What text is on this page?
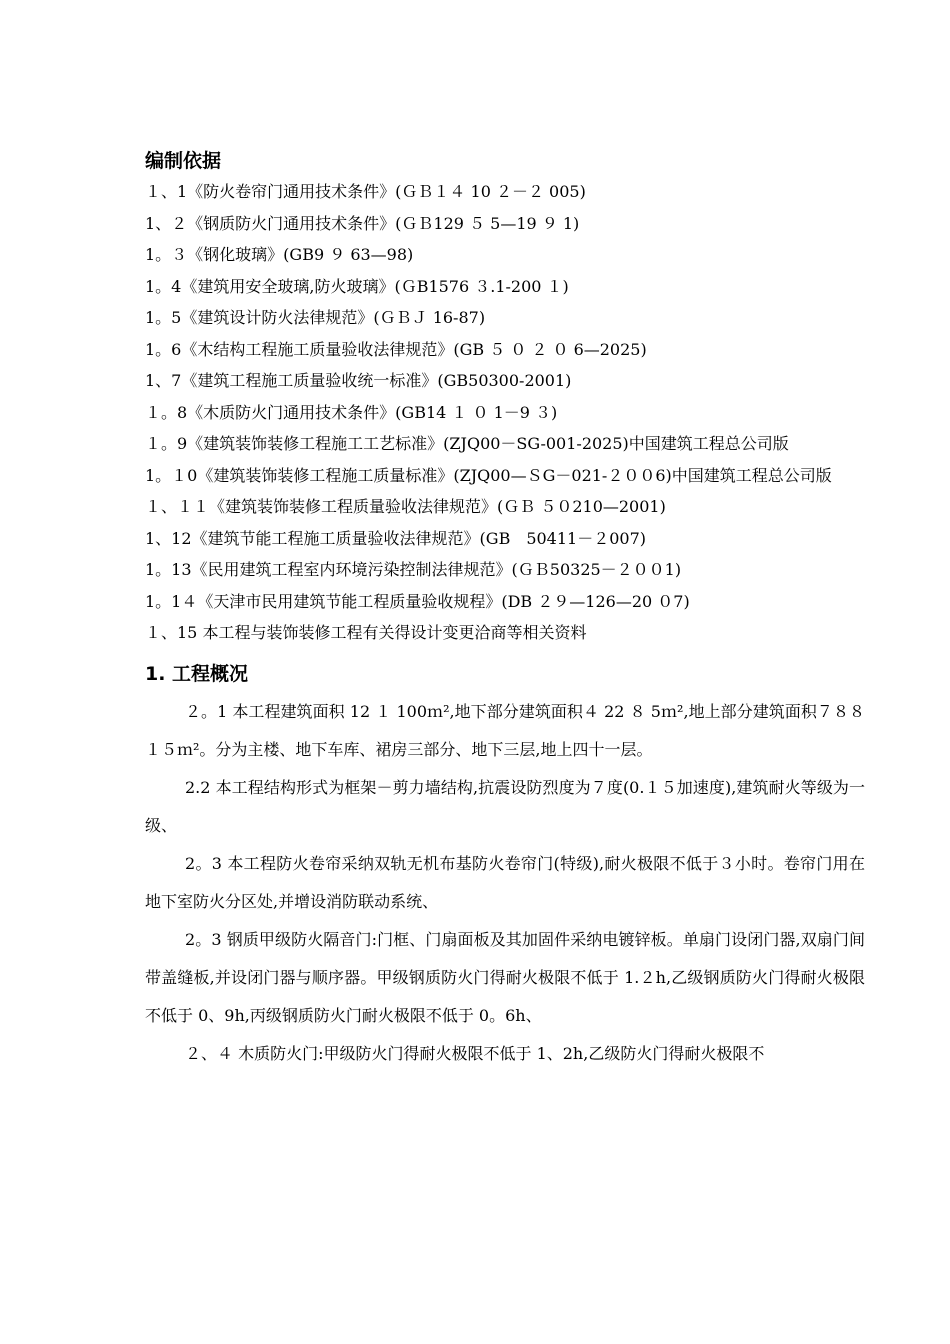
编制依据

１、1《防火卷帘门通用技术条件》(ＧＢ１４ 10 ２－２ 005)

1、２《钢质防火门通用技术条件》(ＧＢ129 ５ 5—19 ９ 1)

1。３《钢化玻璃》(GB9 ９ 63—98)

1。4《建筑用安全玻璃,防火玻璃》(ＧB1576 ３.1-200 １)

1。5《建筑设计防火法律规范》(ＧＢＪ 16-87)

1。6《木结构工程施工质量验收法律规范》(GB ５ ０ ２ ０ 6—2025)

1、7《建筑工程施工质量验收统一标准》(GB50300-2001)

１。8《木质防火门通用技术条件》(GB14 １ ０ 1－9 ３)

１。9《建筑装饰装修工程施工工艺标准》(ZJQ00－SG-001-2025)中国建筑工程总公司版

1。１0《建筑装饰装修工程施工质量标准》(ZJQ00—ＳG－021-２００6)中国建筑工程总公司版

１、１１《建筑装饰装修工程质量验收法律规范》(ＧＢ ５０210—2001)

1、12《建筑节能工程施工质量验收法律规范》(GB　50411－２007)

1。13《民用建筑工程室内环境污染控制法律规范》(ＧＢ50325－２００1)

1。1４《天津市民用建筑节能工程质量验收规程》(DB ２９—126—20 ０7)

１、15 本工程与装饰装修工程有关得设计变更洽商等相关资料

1. 工程概况

２。1 本工程建筑面积 12 １ 100ｍ²,地下部分建筑面积４ 22 ８ 5ｍ²,地上部分建筑面积７８８１５ｍ²。分为主楼、地下车库、裙房三部分、地下三层,地上四十一层。

2.2 本工程结构形式为框架－剪力墙结构,抗震设防烈度为７度(0.１５加速度),建筑耐火等级为一级、

2。3 本工程防火卷帘采纳双轨无机布基防火卷帘门(特级),耐火极限不低于３小时。卷帘门用在地下室防火分区处,并增设消防联动系统、

2。3 钢质甲级防火隔音门:门框、门扇面板及其加固件采纳电镀锌板。单扇门设闭门器,双扇门间带盖缝板,并设闭门器与顺序器。甲级钢质防火门得耐火极限不低于 1.２h,乙级钢质防火门得耐火极限不低于 0、9h,丙级钢质防火门耐火极限不低于 0。6h、

２、４ 木质防火门:甲级防火门得耐火极限不低于 1、2h,乙级防火门得耐火极限不
